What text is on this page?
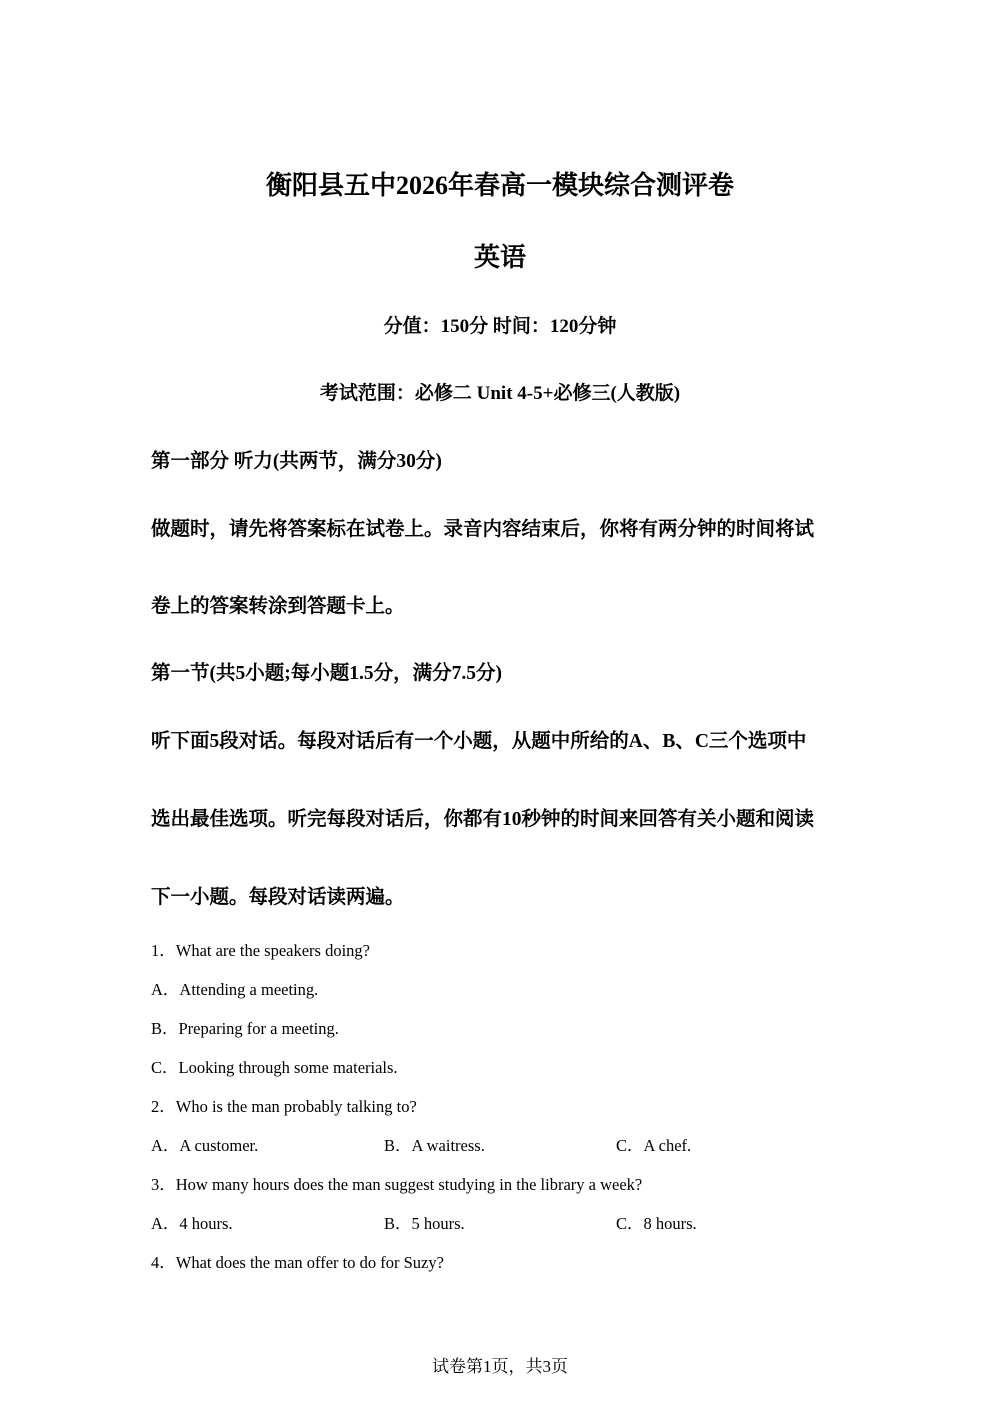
衡阳县五中2026年春高一模块综合测评卷
英语
分值：150分 时间：120分钟
考试范围：必修二 Unit 4-5+必修三(人教版)
第一部分 听力(共两节，满分30分)
做题时，请先将答案标在试卷上。录音内容结束后，你将有两分钟的时间将试
卷上的答案转涂到答题卡上。
第一节(共5小题;每小题1.5分，满分7.5分)
听下面5段对话。每段对话后有一个小题，从题中所给的A、B、C三个选项中
选出最佳选项。听完每段对话后，你都有10秒钟的时间来回答有关小题和阅读
下一小题。每段对话读两遍。
1．What are the speakers doing?
A．Attending a meeting.
B．Preparing for a meeting.
C．Looking through some materials.
2．Who is the man probably talking to?
A．A customer.	B．A waitress.	C．A chef.
3．How many hours does the man suggest studying in the library a week?
A．4 hours.	B．5 hours.	C．8 hours.
4．What does the man offer to do for Suzy?
试卷第1页，共3页
